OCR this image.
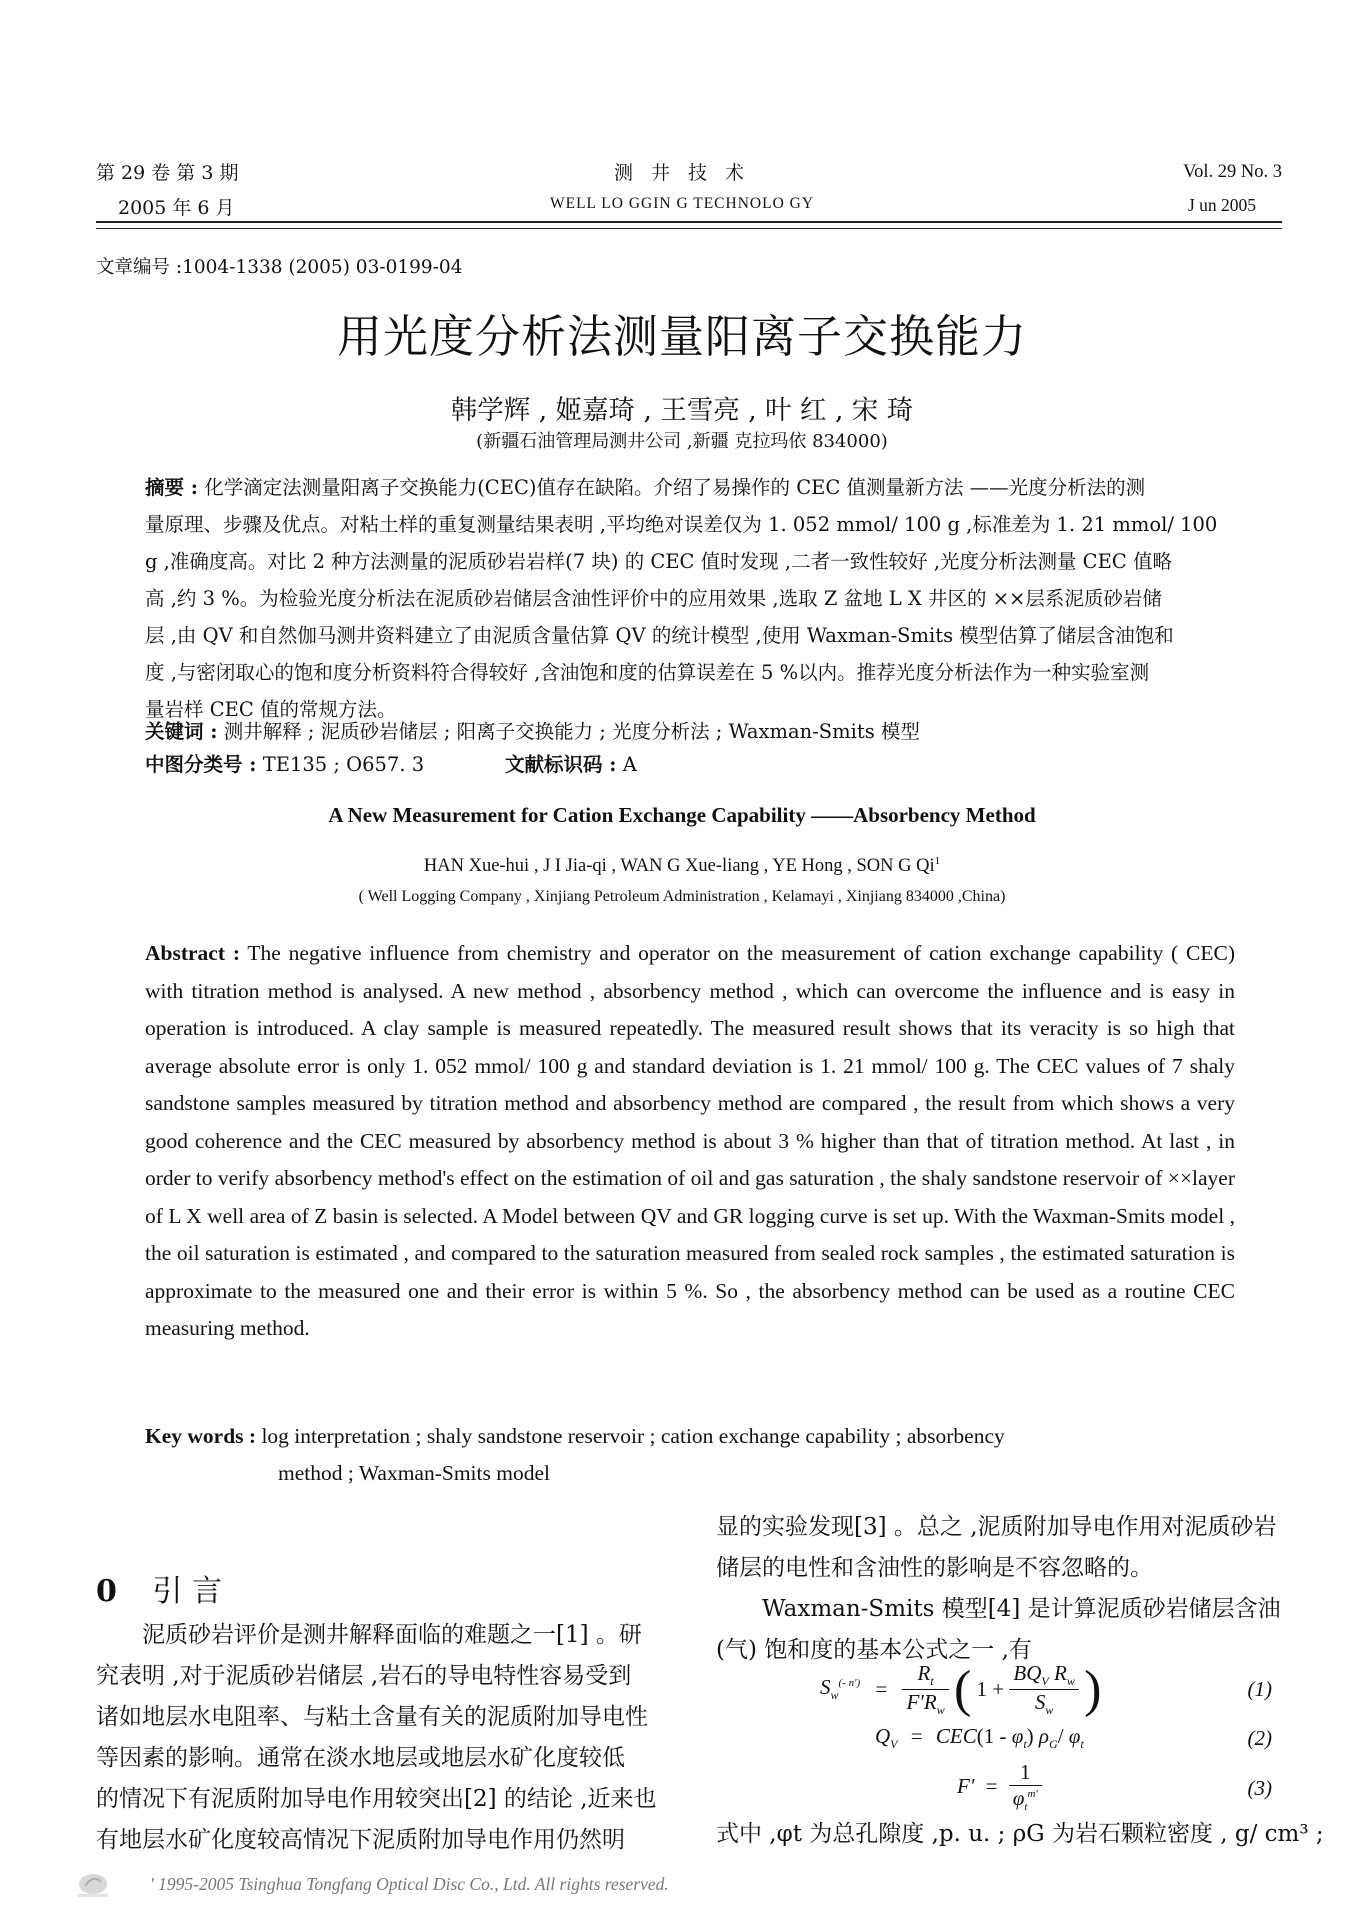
第 29 卷 第 3 期
2005 年 6 月
测 井 技 术
WELL LO GGIN G TECHNOLO GY
Vol. 29 No. 3
J un 2005
文章编号 :1004-1338 (2005) 03-0199-04
用光度分析法测量阳离子交换能力
韩学辉 , 姬嘉琦 , 王雪亮 , 叶 红 , 宋 琦
(新疆石油管理局测井公司 ,新疆 克拉玛依 834000)
摘要 : 化学滴定法测量阳离子交换能力(CEC)值存在缺陷。介绍了易操作的 CEC 值测量新方法 ——光度分析法的测
量原理、步骤及优点。对粘土样的重复测量结果表明 ,平均绝对误差仅为 1. 052 mmol/ 100 g ,标准差为 1. 21 mmol/ 100
g ,准确度高。对比 2 种方法测量的泥质砂岩岩样(7 块) 的 CEC 值时发现 ,二者一致性较好 ,光度分析法测量 CEC 值略
高 ,约 3 %。为检验光度分析法在泥质砂岩储层含油性评价中的应用效果 ,选取 Z 盆地 L X 井区的 ××层系泥质砂岩储
层 ,由 QV 和自然伽马测井资料建立了由泥质含量估算 QV 的统计模型 ,使用 Waxman-Smits 模型估算了储层含油饱和
度 ,与密闭取心的饱和度分析资料符合得较好 ,含油饱和度的估算误差在 5 %以内。推荐光度分析法作为一种实验室测
量岩样 CEC 值的常规方法。
关键词 : 测井解释 ; 泥质砂岩储层 ; 阳离子交换能力 ; 光度分析法 ; Waxman-Smits 模型
中图分类号 : TE135 ; O657. 3	文献标识码 : A
A New Measurement for Cation Exchange Capability ——Absorbency Method
HAN Xue-hui , J I Jia-qi , WAN G Xue-liang , YE Hong , SON G Qi$^1$
( Well Logging Company , Xinjiang Petroleum Administration , Kelamayi , Xinjiang 834000 ,China)
Abstract : The negative influence from chemistry and operator on the measurement of cation exchange capability ( CEC) with titration method is analysed. A new method , absorbency method , which can overcome the influence and is easy in operation is introduced. A clay sample is measured repeatedly. The measured result shows that its veracity is so high that average absolute error is only 1. 052 mmol/ 100 g and standard deviation is 1. 21 mmol/ 100 g. The CEC values of 7 shaly sandstone samples measured by titration method and absorbency method are compared , the result from which shows a very good coherence and the CEC measured by absorbency method is about 3 % higher than that of titration method. At last , in order to verify absorbency method's effect on the estimation of oil and gas saturation , the shaly sandstone reservoir of ××layer of L X well area of Z basin is selected. A Model between QV and GR logging curve is set up. With the Waxman-Smits model , the oil saturation is estimated , and compared to the saturation measured from sealed rock samples , the estimated saturation is approximate to the measured one and their error is within 5 %. So , the absorbency method can be used as a routine CEC measuring method.
Key words : log interpretation ; shaly sandstone reservoir ; cation exchange capability ; absorbency
method ; Waxman-Smits model
0 引 言
泥质砂岩评价是测井解释面临的难题之一[1] 。研
究表明 ,对于泥质砂岩储层 ,岩石的导电特性容易受到
诸如地层水电阻率、与粘土含量有关的泥质附加导电性
等因素的影响。通常在淡水地层或地层水矿化度较低
的情况下有泥质附加导电作用较突出[2] 的结论 ,近来也
有地层水矿化度较高情况下泥质附加导电作用仍然明
显的实验发现[3] 。总之 ,泥质附加导电作用对泥质砂岩
储层的电性和含油性的影响是不容忽略的。
Waxman-Smits 模型[4] 是计算泥质砂岩储层含油
(气) 饱和度的基本公式之一 ,有
$S_w^{(- n')} = \frac{R_t}{F'R_w}$ ( $1 + \frac{BQ_V R_w}{S_w}$ )	(1)
$Q_V = CEC(1 - \varphi_t)$ $\rho_G/$ $\varphi_t$	(2)
$F' = \frac{1}{\varphi_t^{m'}}$	(3)
式中 ,φt 为总孔隙度 ,p. u. ; ρG 为岩石颗粒密度 , g/ cm³ ;
' 1995-2005 Tsinghua Tongfang Optical Disc Co., Ltd. All rights reserved.
